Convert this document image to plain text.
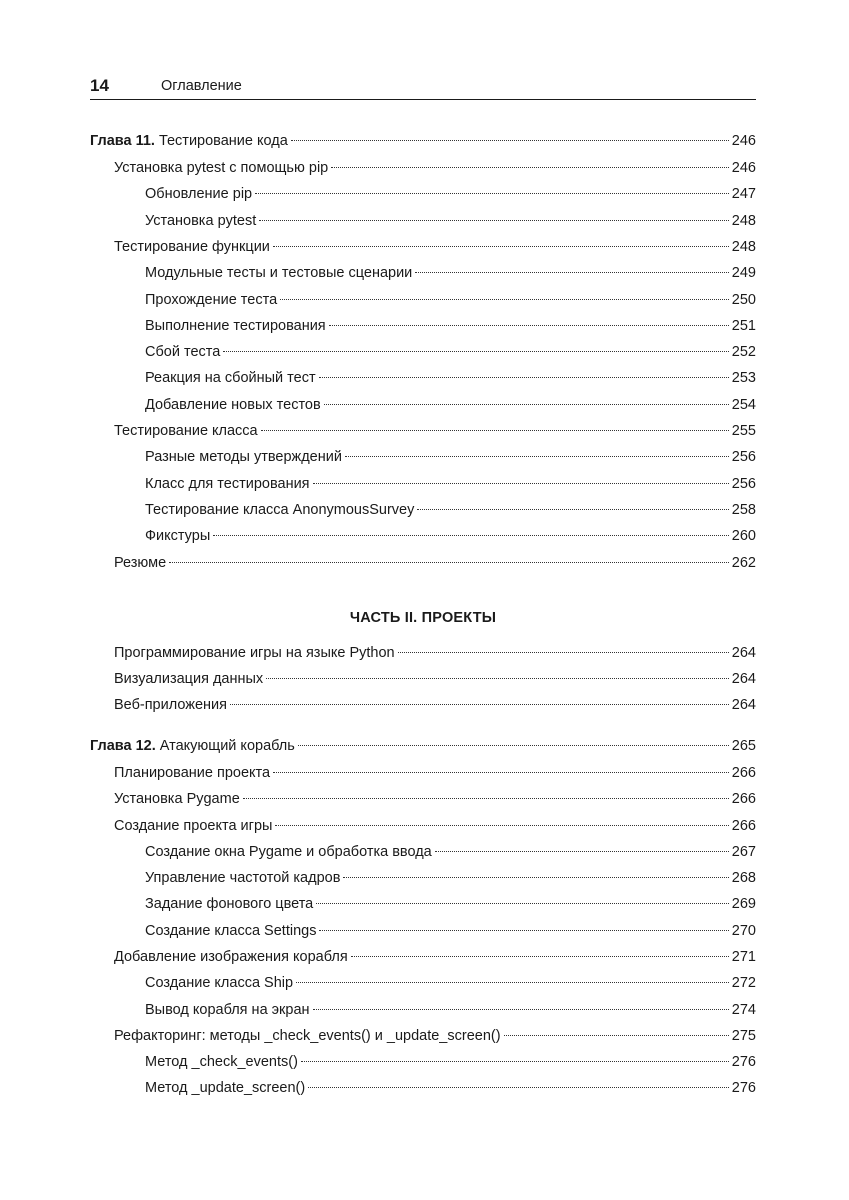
14	Оглавление
Глава 11. Тестирование кода	246
Установка pytest с помощью pip	246
Обновление pip	247
Установка pytest	248
Тестирование функции	248
Модульные тесты и тестовые сценарии	249
Прохождение теста	250
Выполнение тестирования	251
Сбой теста	252
Реакция на сбойный тест	253
Добавление новых тестов	254
Тестирование класса	255
Разные методы утверждений	256
Класс для тестирования	256
Тестирование класса AnonymousSurvey	258
Фикстуры	260
Резюме	262
ЧАСТЬ II. ПРОЕКТЫ
Программирование игры на языке Python	264
Визуализация данных	264
Веб-приложения	264
Глава 12. Атакующий корабль	265
Планирование проекта	266
Установка Pygame	266
Создание проекта игры	266
Создание окна Pygame и обработка ввода	267
Управление частотой кадров	268
Задание фонового цвета	269
Создание класса Settings	270
Добавление изображения корабля	271
Создание класса Ship	272
Вывод корабля на экран	274
Рефакторинг: методы _check_events() и _update_screen()	275
Метод _check_events()	276
Метод _update_screen()	276
